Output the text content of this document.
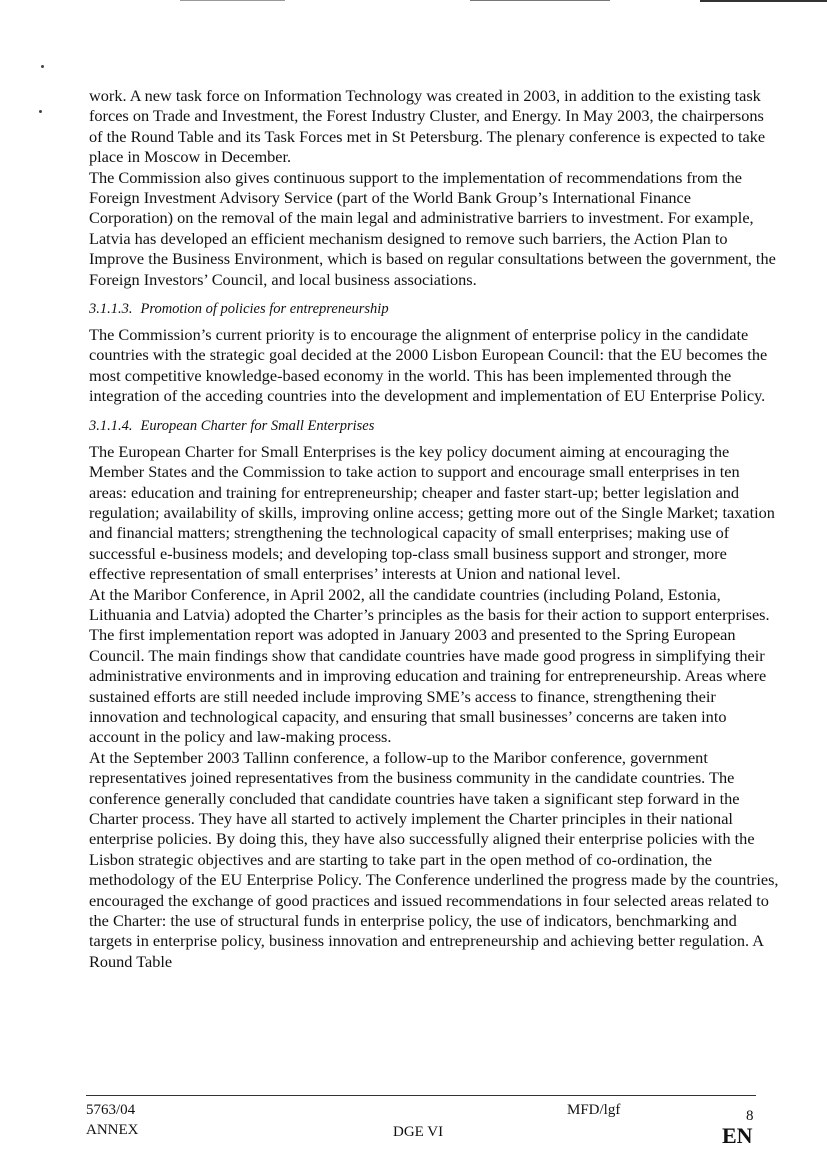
work. A new task force on Information Technology was created in 2003, in addition to the existing task forces on Trade and Investment, the Forest Industry Cluster, and Energy. In May 2003, the chairpersons of the Round Table and its Task Forces met in St Petersburg. The plenary conference is expected to take place in Moscow in December.

The Commission also gives continuous support to the implementation of recommendations from the Foreign Investment Advisory Service (part of the World Bank Group’s International Finance Corporation) on the removal of the main legal and administrative barriers to investment. For example, Latvia has developed an efficient mechanism designed to remove such barriers, the Action Plan to Improve the Business Environment, which is based on regular consultations between the government, the Foreign Investors’ Council, and local business associations.

3.1.1.3. Promotion of policies for entrepreneurship

The Commission’s current priority is to encourage the alignment of enterprise policy in the candidate countries with the strategic goal decided at the 2000 Lisbon European Council: that the EU becomes the most competitive knowledge-based economy in the world. This has been implemented through the integration of the acceding countries into the development and implementation of EU Enterprise Policy.

3.1.1.4. European Charter for Small Enterprises

The European Charter for Small Enterprises is the key policy document aiming at encouraging the Member States and the Commission to take action to support and encourage small enterprises in ten areas: education and training for entrepreneurship; cheaper and faster start-up; better legislation and regulation; availability of skills, improving online access; getting more out of the Single Market; taxation and financial matters; strengthening the technological capacity of small enterprises; making use of successful e-business models; and developing top-class small business support and stronger, more effective representation of small enterprises’ interests at Union and national level.

At the Maribor Conference, in April 2002, all the candidate countries (including Poland, Estonia, Lithuania and Latvia) adopted the Charter’s principles as the basis for their action to support enterprises. The first implementation report was adopted in January 2003 and presented to the Spring European Council. The main findings show that candidate countries have made good progress in simplifying their administrative environments and in improving education and training for entrepreneurship. Areas where sustained efforts are still needed include improving SME’s access to finance, strengthening their innovation and technological capacity, and ensuring that small businesses’ concerns are taken into account in the policy and law-making process.

At the September 2003 Tallinn conference, a follow-up to the Maribor conference, government representatives joined representatives from the business community in the candidate countries. The conference generally concluded that candidate countries have taken a significant step forward in the Charter process. They have all started to actively implement the Charter principles in their national enterprise policies. By doing this, they have also successfully aligned their enterprise policies with the Lisbon strategic objectives and are starting to take part in the open method of co-ordination, the methodology of the EU Enterprise Policy. The Conference underlined the progress made by the countries, encouraged the exchange of good practices and issued recommendations in four selected areas related to the Charter: the use of structural funds in enterprise policy, the use of indicators, benchmarking and targets in enterprise policy, business innovation and entrepreneurship and achieving better regulation. A Round Table

5763/04
ANNEX	DGE VI
MFD/lgf	8
EN
